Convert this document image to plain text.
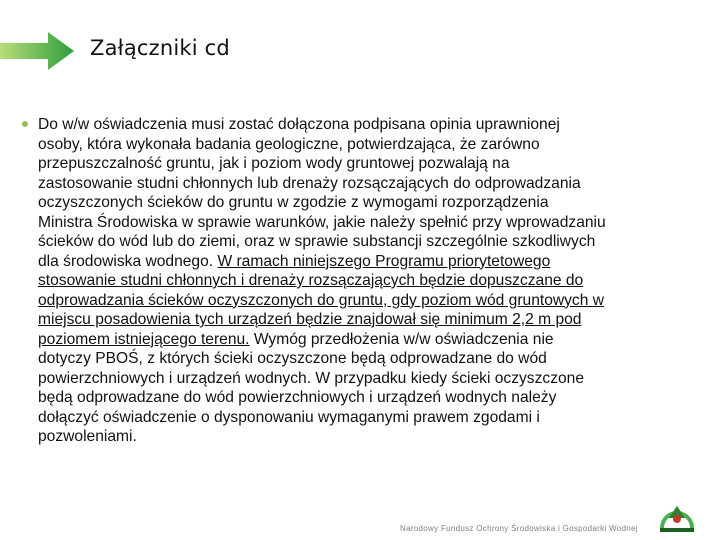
Załączniki cd
Do w/w oświadczenia musi zostać dołączona podpisana opinia uprawnionej
osoby, która wykonała badania geologiczne, potwierdzająca, że zarówno
przepuszczalność gruntu, jak i poziom wody gruntowej pozwalają na
zastosowanie studni chłonnych lub drenaży rozsączających do odprowadzania
oczyszczonych ścieków do gruntu w zgodzie z wymogami rozporządzenia
Ministra Środowiska w sprawie warunków, jakie należy spełnić przy wprowadzaniu
ścieków do wód lub do ziemi, oraz w sprawie substancji szczególnie szkodliwych
dla środowiska wodnego. W ramach niniejszego Programu priorytetowego
stosowanie studni chłonnych i drenaży rozsączających będzie dopuszczane do
odprowadzania ścieków oczyszczonych do gruntu, gdy poziom wód gruntowych w
miejscu posadowienia tych urządzeń będzie znajdował się minimum 2,2 m pod
poziomem istniejącego terenu. Wymóg przedłożenia w/w oświadczenia nie
dotyczy PBOŚ, z których ścieki oczyszczone będą odprowadzane do wód
powierzchniowych i urządzeń wodnych. W przypadku kiedy ścieki oczyszczone
będą odprowadzane do wód powierzchniowych i urządzeń wodnych należy
dołączyć oświadczenie o dysponowaniu wymaganymi prawem zgodami i
pozwoleniami.
Narodowy Fundusz Ochrony Środowiska i Gospodarki Wodnej
